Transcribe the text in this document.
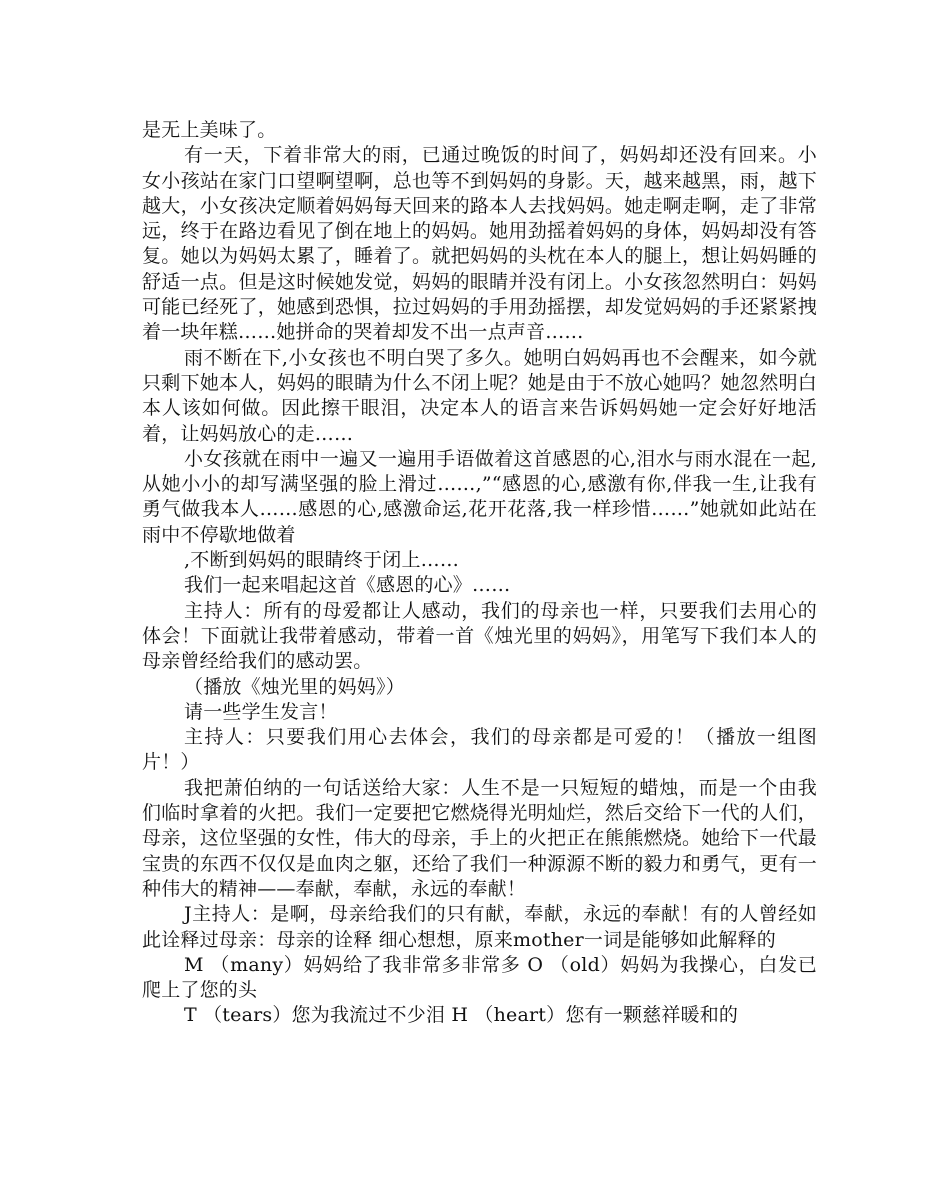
是无上美味了。

有一天，下着非常大的雨，已通过晚饭的时间了，妈妈却还没有回来。小女小孩站在家门口望啊望啊，总也等不到妈妈的身影。天，越来越黑，雨，越下越大，小女孩决定顺着妈妈每天回来的路本人去找妈妈。她走啊走啊，走了非常远，终于在路边看见了倒在地上的妈妈。她用劲摇着妈妈的身体，妈妈却没有答复。她以为妈妈太累了，睡着了。就把妈妈的头枕在本人的腿上，想让妈妈睡的舒适一点。但是这时候她发觉，妈妈的眼睛并没有闭上。小女孩忽然明白：妈妈可能已经死了，她感到恐惧，拉过妈妈的手用劲摇摆，却发觉妈妈的手还紧紧拽着一块年糕……她拼命的哭着却发不出一点声音……

雨不断在下,小女孩也不明白哭了多久。她明白妈妈再也不会醒来，如今就只剩下她本人，妈妈的眼睛为什么不闭上呢？她是由于不放心她吗？她忽然明白本人该如何做。因此擦干眼泪，决定本人的语言来告诉妈妈她一定会好好地活着，让妈妈放心的走……

小女孩就在雨中一遍又一遍用手语做着这首感恩的心,泪水与雨水混在一起,从她小小的却写满坚强的脸上滑过……,”“感恩的心,感激有你,伴我一生,让我有勇气做我本人……感恩的心,感激命运,花开花落,我一样珍惜……”她就如此站在雨中不停歇地做着

,不断到妈妈的眼睛终于闭上……

我们一起来唱起这首《感恩的心》……

主持人：所有的母爱都让人感动，我们的母亲也一样，只要我们去用心的体会！下面就让我带着感动，带着一首《烛光里的妈妈》，用笔写下我们本人的母亲曾经给我们的感动罢。

（播放《烛光里的妈妈》）

请一些学生发言！

主持人：只要我们用心去体会，我们的母亲都是可爱的！（播放一组图片！）

我把萧伯纳的一句话送给大家：人生不是一只短短的蜡烛，而是一个由我们临时拿着的火把。我们一定要把它燃烧得光明灿烂，然后交给下一代的人们，母亲，这位坚强的女性，伟大的母亲，手上的火把正在熊熊燃烧。她给下一代最宝贵的东西不仅仅是血肉之躯，还给了我们一种源源不断的毅力和勇气，更有一种伟大的精神——奉献，奉献，永远的奉献！

J主持人：是啊，母亲给我们的只有献，奉献，永远的奉献！有的人曾经如此诠释过母亲：母亲的诠释 细心想想，原来mother一词是能够如此解释的

M （many）妈妈给了我非常多非常多 O （old）妈妈为我操心，白发已爬上了您的头

T （tears）您为我流过不少泪 H （heart）您有一颗慈祥暖和的
